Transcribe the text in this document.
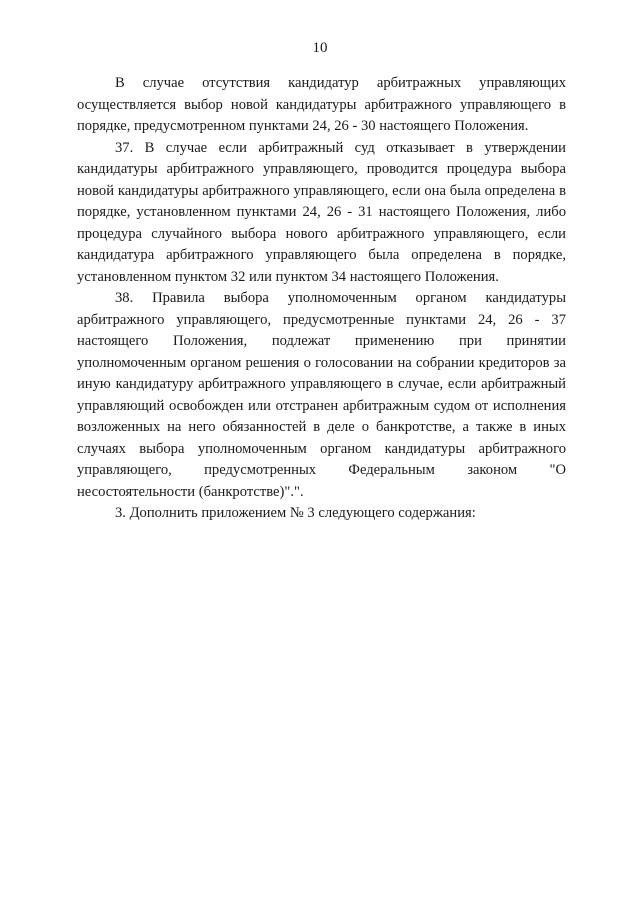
10

В случае отсутствия кандидатур арбитражных управляющих осуществляется выбор новой кандидатуры арбитражного управляющего в порядке, предусмотренном пунктами 24, 26 - 30 настоящего Положения.

37. В случае если арбитражный суд отказывает в утверждении кандидатуры арбитражного управляющего, проводится процедура выбора новой кандидатуры арбитражного управляющего, если она была определена в порядке, установленном пунктами 24, 26 - 31 настоящего Положения, либо процедура случайного выбора нового арбитражного управляющего, если кандидатура арбитражного управляющего была определена в порядке, установленном пунктом 32 или пунктом 34 настоящего Положения.

38. Правила выбора уполномоченным органом кандидатуры арбитражного управляющего, предусмотренные пунктами 24, 26 - 37 настоящего Положения, подлежат применению при принятии уполномоченным органом решения о голосовании на собрании кредиторов за иную кандидатуру арбитражного управляющего в случае, если арбитражный управляющий освобожден или отстранен арбитражным судом от исполнения возложенных на него обязанностей в деле о банкротстве, а также в иных случаях выбора уполномоченным органом кандидатуры арбитражного управляющего, предусмотренных Федеральным законом "О несостоятельности (банкротстве)".".

3. Дополнить приложением № 3 следующего содержания:
